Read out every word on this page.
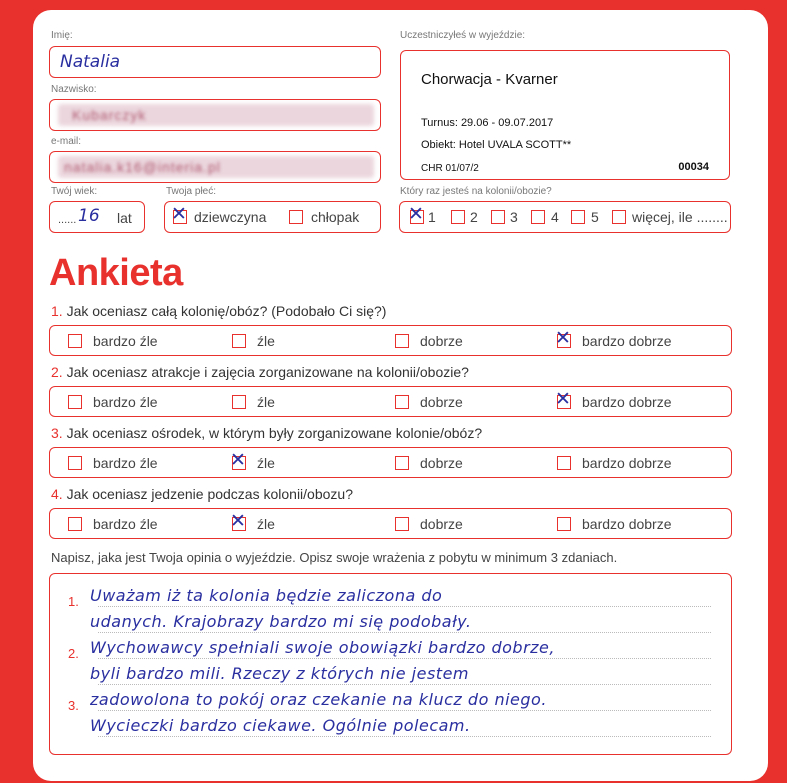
Imię:
Natalia
Nazwisko:
Kubarczyk
e-mail:
natalia.k16@interia.pl
Uczestniczyłeś w wyjeździe:
Chorwacja - Kvarner
Turnus: 29.06 - 09.07.2017
Obiekt: Hotel UVALA SCOTT**
CHR 01/07/2	00034
Twój wiek:
...... 16 lat
Twoja płeć:
✕ dziewczyna	chłopak
Który raz jesteś na kolonii/obozie?
✕ 1 2 3 4 5 więcej, ile ........
Ankieta
1. Jak oceniasz całą kolonię/obóz? (Podobało Ci się?)
bardzo źle	źle	dobrze	✕ bardzo dobrze
2. Jak oceniasz atrakcje i zajęcia zorganizowane na kolonii/obozie?
bardzo źle	źle	dobrze	✕ bardzo dobrze
3. Jak oceniasz ośrodek, w którym były zorganizowane kolonie/obóz?
bardzo źle	✕ źle	dobrze	bardzo dobrze
4. Jak oceniasz jedzenie podczas kolonii/obozu?
bardzo źle	✕ źle	dobrze	bardzo dobrze
Napisz, jaka jest Twoja opinia o wyjeździe. Opisz swoje wrażenia z pobytu w minimum 3 zdaniach.
1.
2.
3.
Uważam iż ta kolonia będzie zaliczona do
udanych. Krajobrazy bardzo mi się podobały.
Wychowawcy spełniali swoje obowiązki bardzo dobrze,
byli bardzo mili. Rzeczy z których nie jestem
zadowolona to pokój oraz czekanie na klucz do niego.
Wycieczki bardzo ciekawe. Ogólnie polecam.
